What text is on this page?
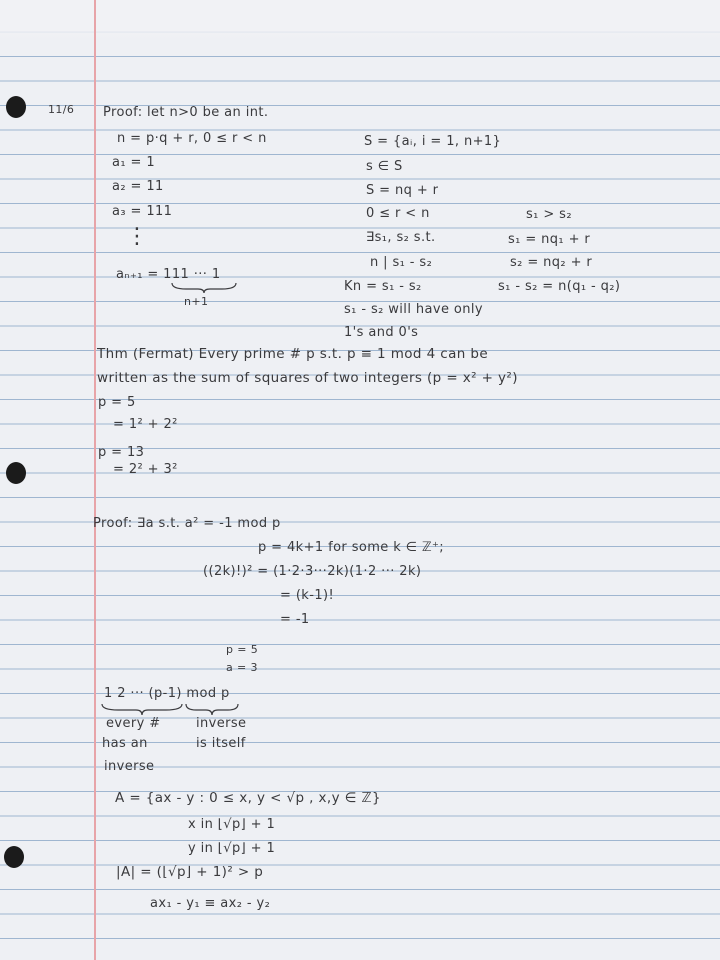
11/6 Proof: let n>0 be an int.
n = p·q + r, 0 ≤ r < n
a₁ = 1
a₂ = 11
a₃ = 111
⋮
aₙ₊₁ = 111 ··· 1
n+1
S = {aᵢ, i = 1, n+1}
s ∈ S
S = nq + r
0 ≤ r < n
∃s₁, s₂ s.t.
n | s₁ - s₂
Kn = s₁ - s₂
s₁ - s₂ will have only
1's and 0's
s₁ > s₂
s₁ = nq₁ + r
s₂ = nq₂ + r
s₁ - s₂ = n(q₁ - q₂)
Thm (Fermat) Every prime # p s.t. p ≡ 1 mod 4 can be
written as the sum of squares of two integers (p = x² + y²)
p = 5
= 1² + 2²
p = 13
= 2² + 3²
Proof: ∃a s.t. a² = -1 mod p
p = 4k+1 for some k ∈ ℤ⁺;
((2k)!)² = (1·2·3···2k)(1·2 ··· 2k)
= (k-1)!
= -1
p = 5
a = 3
1 2 ··· (p-1) mod p
every #
has an
inverse
inverse
is itself
A = {ax - y : 0 ≤ x, y < √p , x,y ∈ ℤ}
x in ⌊√p⌋ + 1
y in ⌊√p⌋ + 1
|A| = (⌊√p⌋ + 1)² > p
ax₁ - y₁ ≡ ax₂ - y₂
